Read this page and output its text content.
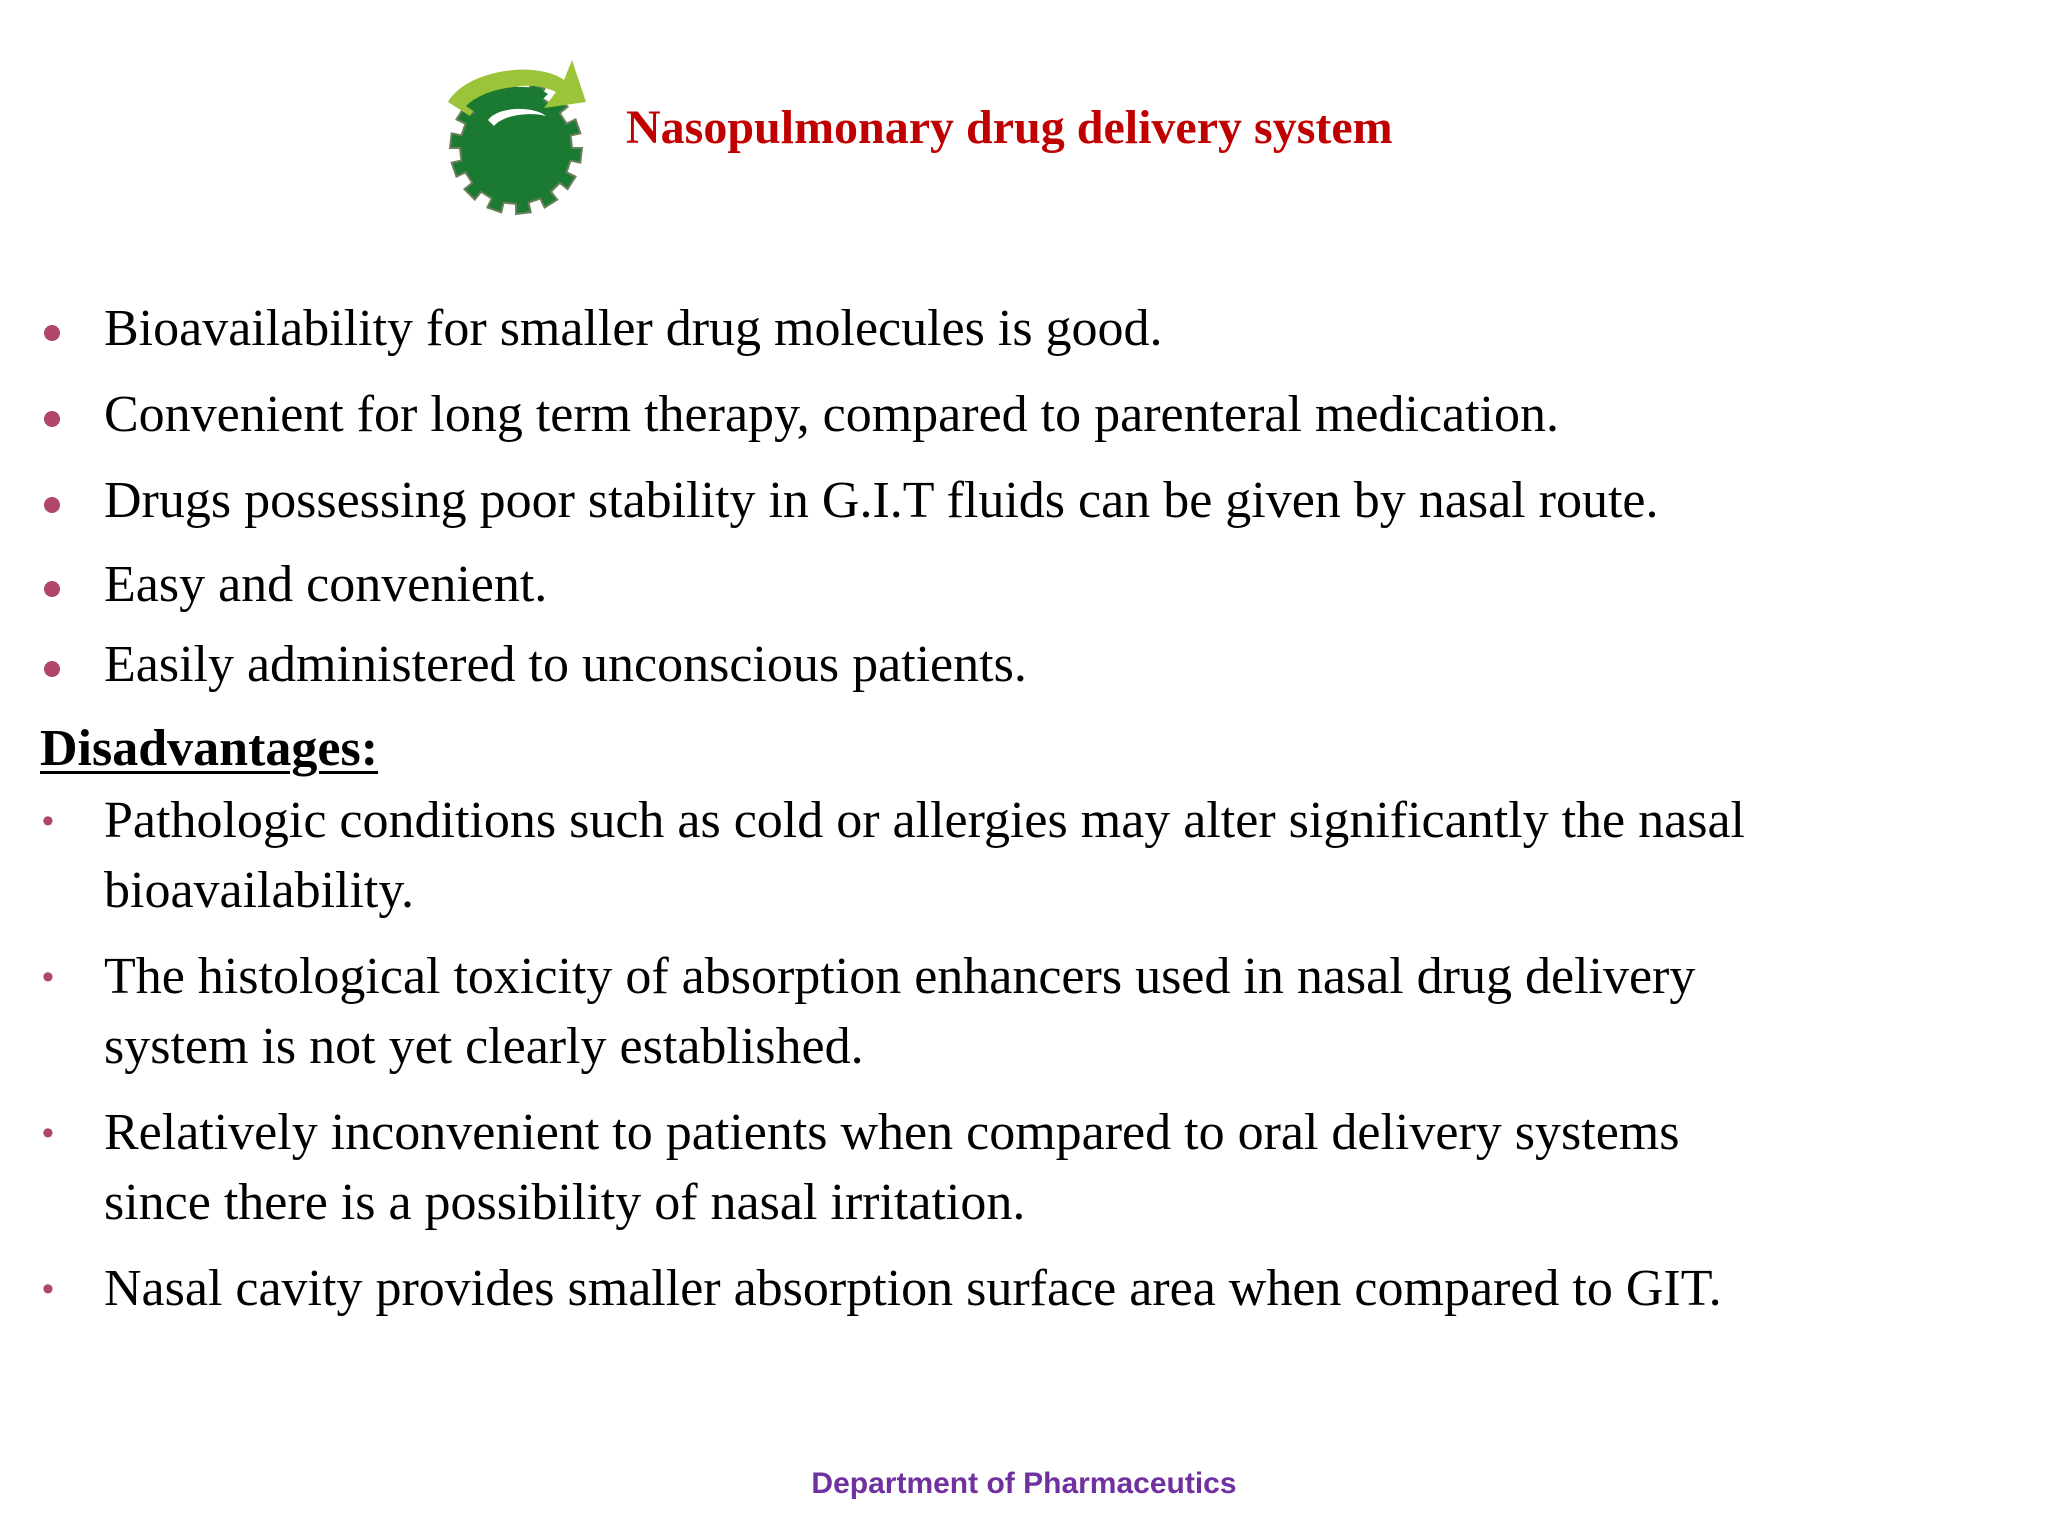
Nasopulmonary drug delivery system
Bioavailability for smaller drug molecules is good.
Convenient for long term therapy, compared to parenteral medication.
Drugs possessing poor stability in G.I.T fluids can be given by nasal route.
Easy and convenient.
Easily administered to unconscious patients.
Disadvantages:
• Pathologic conditions such as cold or allergies may alter significantly the nasal
bioavailability.
• The histological toxicity of absorption enhancers used in nasal drug delivery
system is not yet clearly established.
• Relatively inconvenient to patients when compared to oral delivery systems
since there is a possibility of nasal irritation.
• Nasal cavity provides smaller absorption surface area when compared to GIT.
Department of Pharmaceutics
